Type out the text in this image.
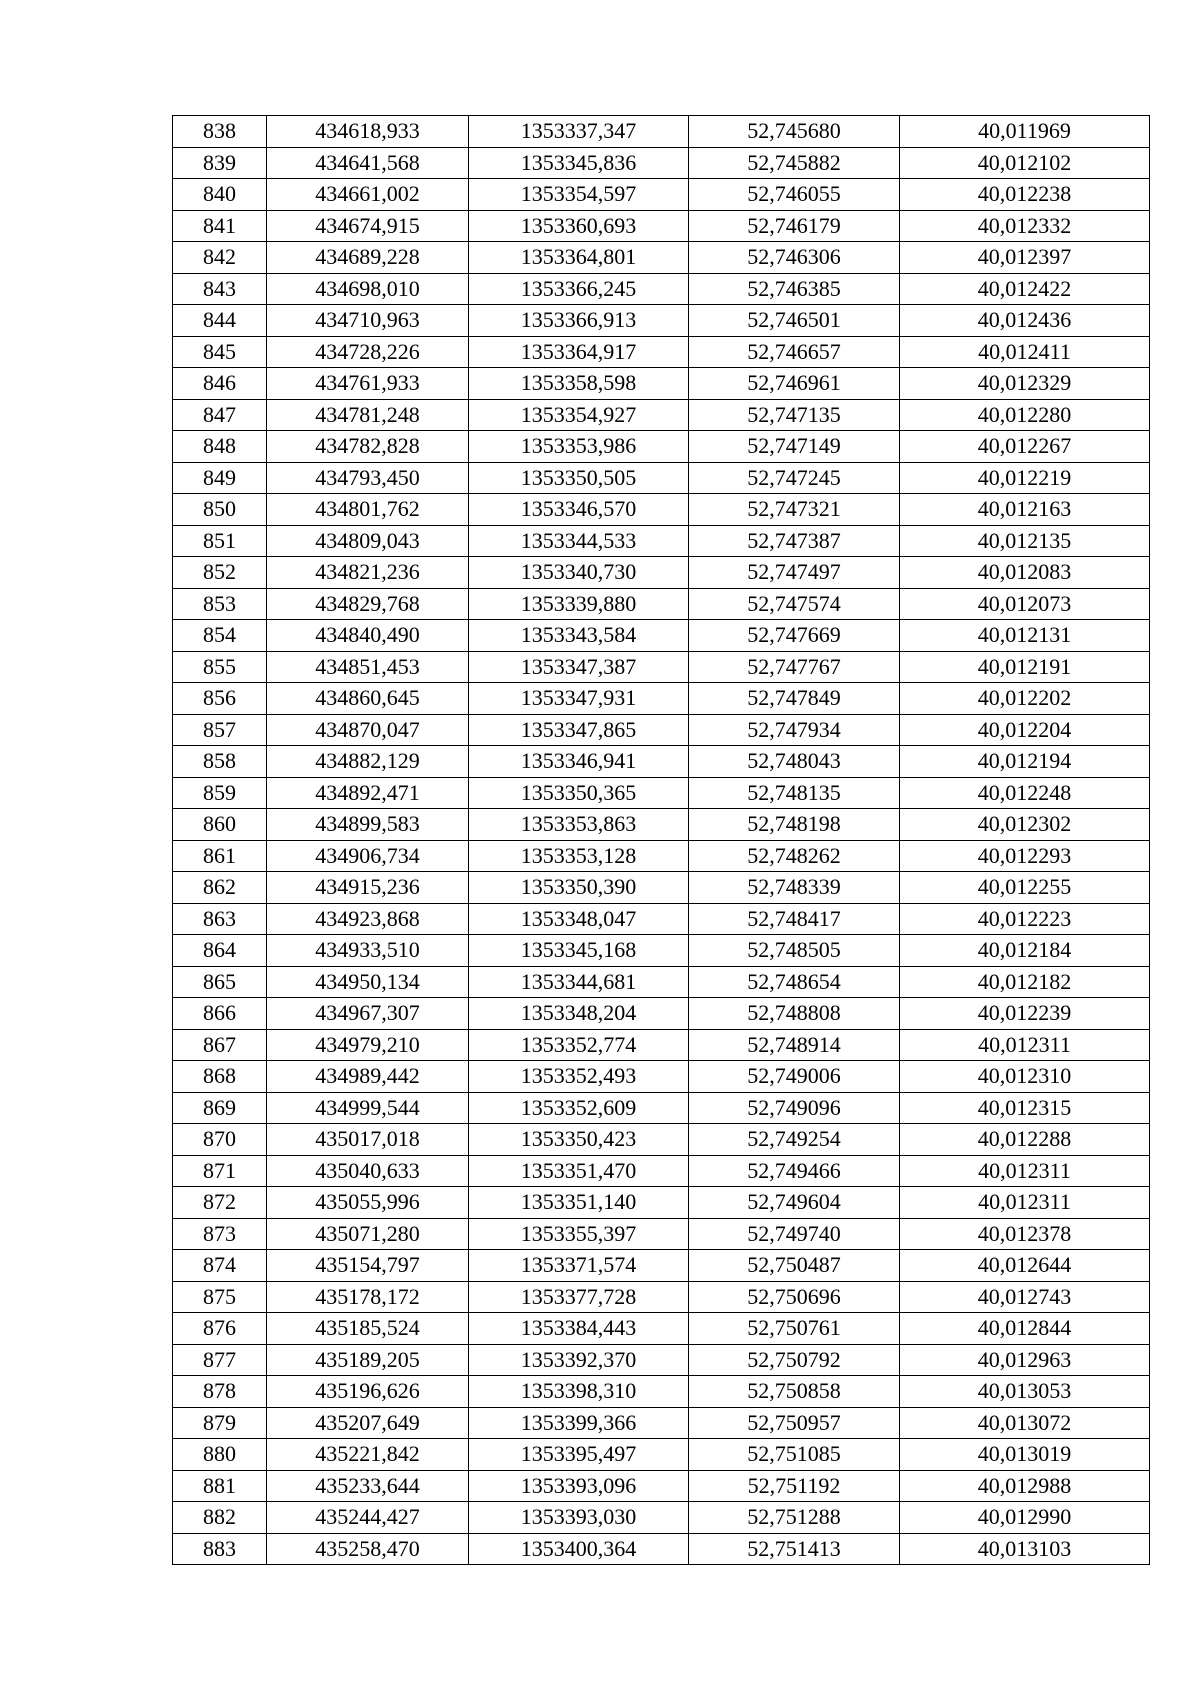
838	434618,933	1353337,347	52,745680	40,011969
839	434641,568	1353345,836	52,745882	40,012102
840	434661,002	1353354,597	52,746055	40,012238
841	434674,915	1353360,693	52,746179	40,012332
842	434689,228	1353364,801	52,746306	40,012397
843	434698,010	1353366,245	52,746385	40,012422
844	434710,963	1353366,913	52,746501	40,012436
845	434728,226	1353364,917	52,746657	40,012411
846	434761,933	1353358,598	52,746961	40,012329
847	434781,248	1353354,927	52,747135	40,012280
848	434782,828	1353353,986	52,747149	40,012267
849	434793,450	1353350,505	52,747245	40,012219
850	434801,762	1353346,570	52,747321	40,012163
851	434809,043	1353344,533	52,747387	40,012135
852	434821,236	1353340,730	52,747497	40,012083
853	434829,768	1353339,880	52,747574	40,012073
854	434840,490	1353343,584	52,747669	40,012131
855	434851,453	1353347,387	52,747767	40,012191
856	434860,645	1353347,931	52,747849	40,012202
857	434870,047	1353347,865	52,747934	40,012204
858	434882,129	1353346,941	52,748043	40,012194
859	434892,471	1353350,365	52,748135	40,012248
860	434899,583	1353353,863	52,748198	40,012302
861	434906,734	1353353,128	52,748262	40,012293
862	434915,236	1353350,390	52,748339	40,012255
863	434923,868	1353348,047	52,748417	40,012223
864	434933,510	1353345,168	52,748505	40,012184
865	434950,134	1353344,681	52,748654	40,012182
866	434967,307	1353348,204	52,748808	40,012239
867	434979,210	1353352,774	52,748914	40,012311
868	434989,442	1353352,493	52,749006	40,012310
869	434999,544	1353352,609	52,749096	40,012315
870	435017,018	1353350,423	52,749254	40,012288
871	435040,633	1353351,470	52,749466	40,012311
872	435055,996	1353351,140	52,749604	40,012311
873	435071,280	1353355,397	52,749740	40,012378
874	435154,797	1353371,574	52,750487	40,012644
875	435178,172	1353377,728	52,750696	40,012743
876	435185,524	1353384,443	52,750761	40,012844
877	435189,205	1353392,370	52,750792	40,012963
878	435196,626	1353398,310	52,750858	40,013053
879	435207,649	1353399,366	52,750957	40,013072
880	435221,842	1353395,497	52,751085	40,013019
881	435233,644	1353393,096	52,751192	40,012988
882	435244,427	1353393,030	52,751288	40,012990
883	435258,470	1353400,364	52,751413	40,013103
